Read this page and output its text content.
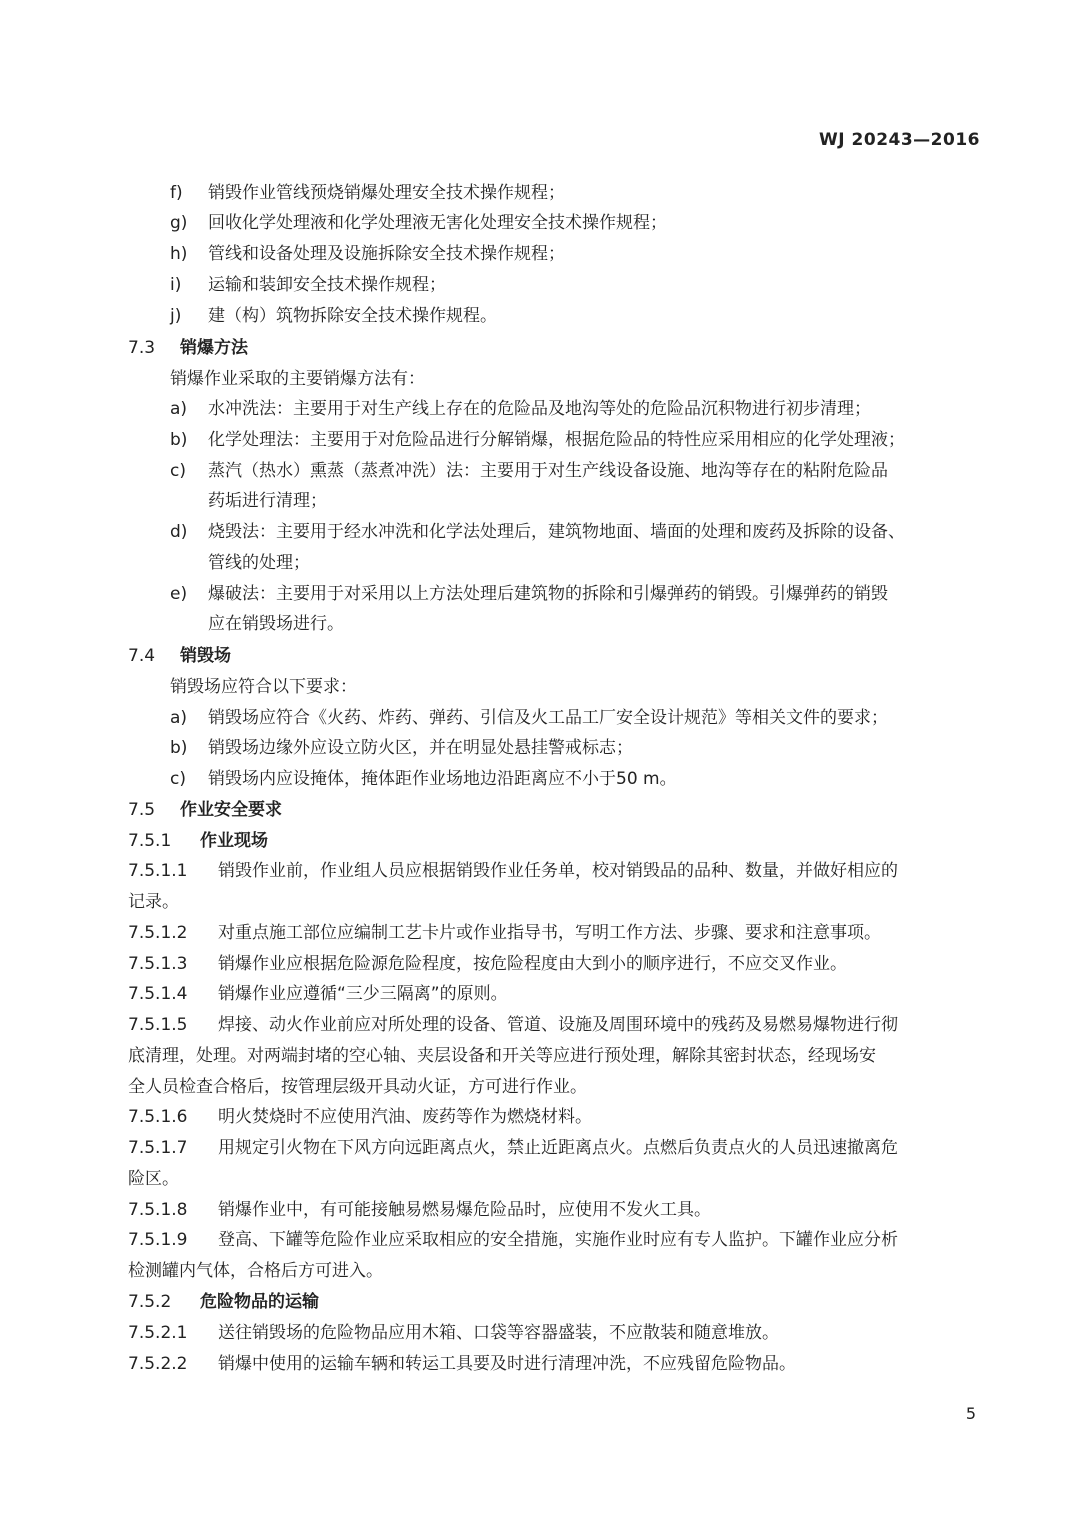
WJ 20243—2016
f) 销毁作业管线预烧销爆处理安全技术操作规程；
g) 回收化学处理液和化学处理液无害化处理安全技术操作规程；
h) 管线和设备处理及设施拆除安全技术操作规程；
i) 运输和装卸安全技术操作规程；
j) 建（构）筑物拆除安全技术操作规程。
7.3 销爆方法
销爆作业采取的主要销爆方法有：
a) 水冲洗法：主要用于对生产线上存在的危险品及地沟等处的危险品沉积物进行初步清理；
b) 化学处理法：主要用于对危险品进行分解销爆，根据危险品的特性应采用相应的化学处理液；
c) 蒸汽（热水）熏蒸（蒸煮冲洗）法：主要用于对生产线设备设施、地沟等存在的粘附危险品
药垢进行清理；
d) 烧毁法：主要用于经水冲洗和化学法处理后，建筑物地面、墙面的处理和废药及拆除的设备、
管线的处理；
e) 爆破法：主要用于对采用以上方法处理后建筑物的拆除和引爆弹药的销毁。引爆弹药的销毁
应在销毁场进行。
7.4 销毁场
销毁场应符合以下要求：
a) 销毁场应符合《火药、炸药、弹药、引信及火工品工厂安全设计规范》等相关文件的要求；
b) 销毁场边缘外应设立防火区，并在明显处悬挂警戒标志；
c) 销毁场内应设掩体，掩体距作业场地边沿距离应不小于50 m。
7.5 作业安全要求
7.5.1 作业现场
7.5.1.1 销毁作业前，作业组人员应根据销毁作业任务单，校对销毁品的品种、数量，并做好相应的
记录。
7.5.1.2 对重点施工部位应编制工艺卡片或作业指导书，写明工作方法、步骤、要求和注意事项。
7.5.1.3 销爆作业应根据危险源危险程度，按危险程度由大到小的顺序进行，不应交叉作业。
7.5.1.4 销爆作业应遵循“三少三隔离”的原则。
7.5.1.5 焊接、动火作业前应对所处理的设备、管道、设施及周围环境中的残药及易燃易爆物进行彻
底清理，处理。对两端封堵的空心轴、夹层设备和开关等应进行预处理，解除其密封状态，经现场安
全人员检查合格后，按管理层级开具动火证，方可进行作业。
7.5.1.6 明火焚烧时不应使用汽油、废药等作为燃烧材料。
7.5.1.7 用规定引火物在下风方向远距离点火，禁止近距离点火。点燃后负责点火的人员迅速撤离危
险区。
7.5.1.8 销爆作业中，有可能接触易燃易爆危险品时，应使用不发火工具。
7.5.1.9 登高、下罐等危险作业应采取相应的安全措施，实施作业时应有专人监护。下罐作业应分析
检测罐内气体，合格后方可进入。
7.5.2 危险物品的运输
7.5.2.1 送往销毁场的危险物品应用木箱、口袋等容器盛装，不应散装和随意堆放。
7.5.2.2 销爆中使用的运输车辆和转运工具要及时进行清理冲洗，不应残留危险物品。
5
